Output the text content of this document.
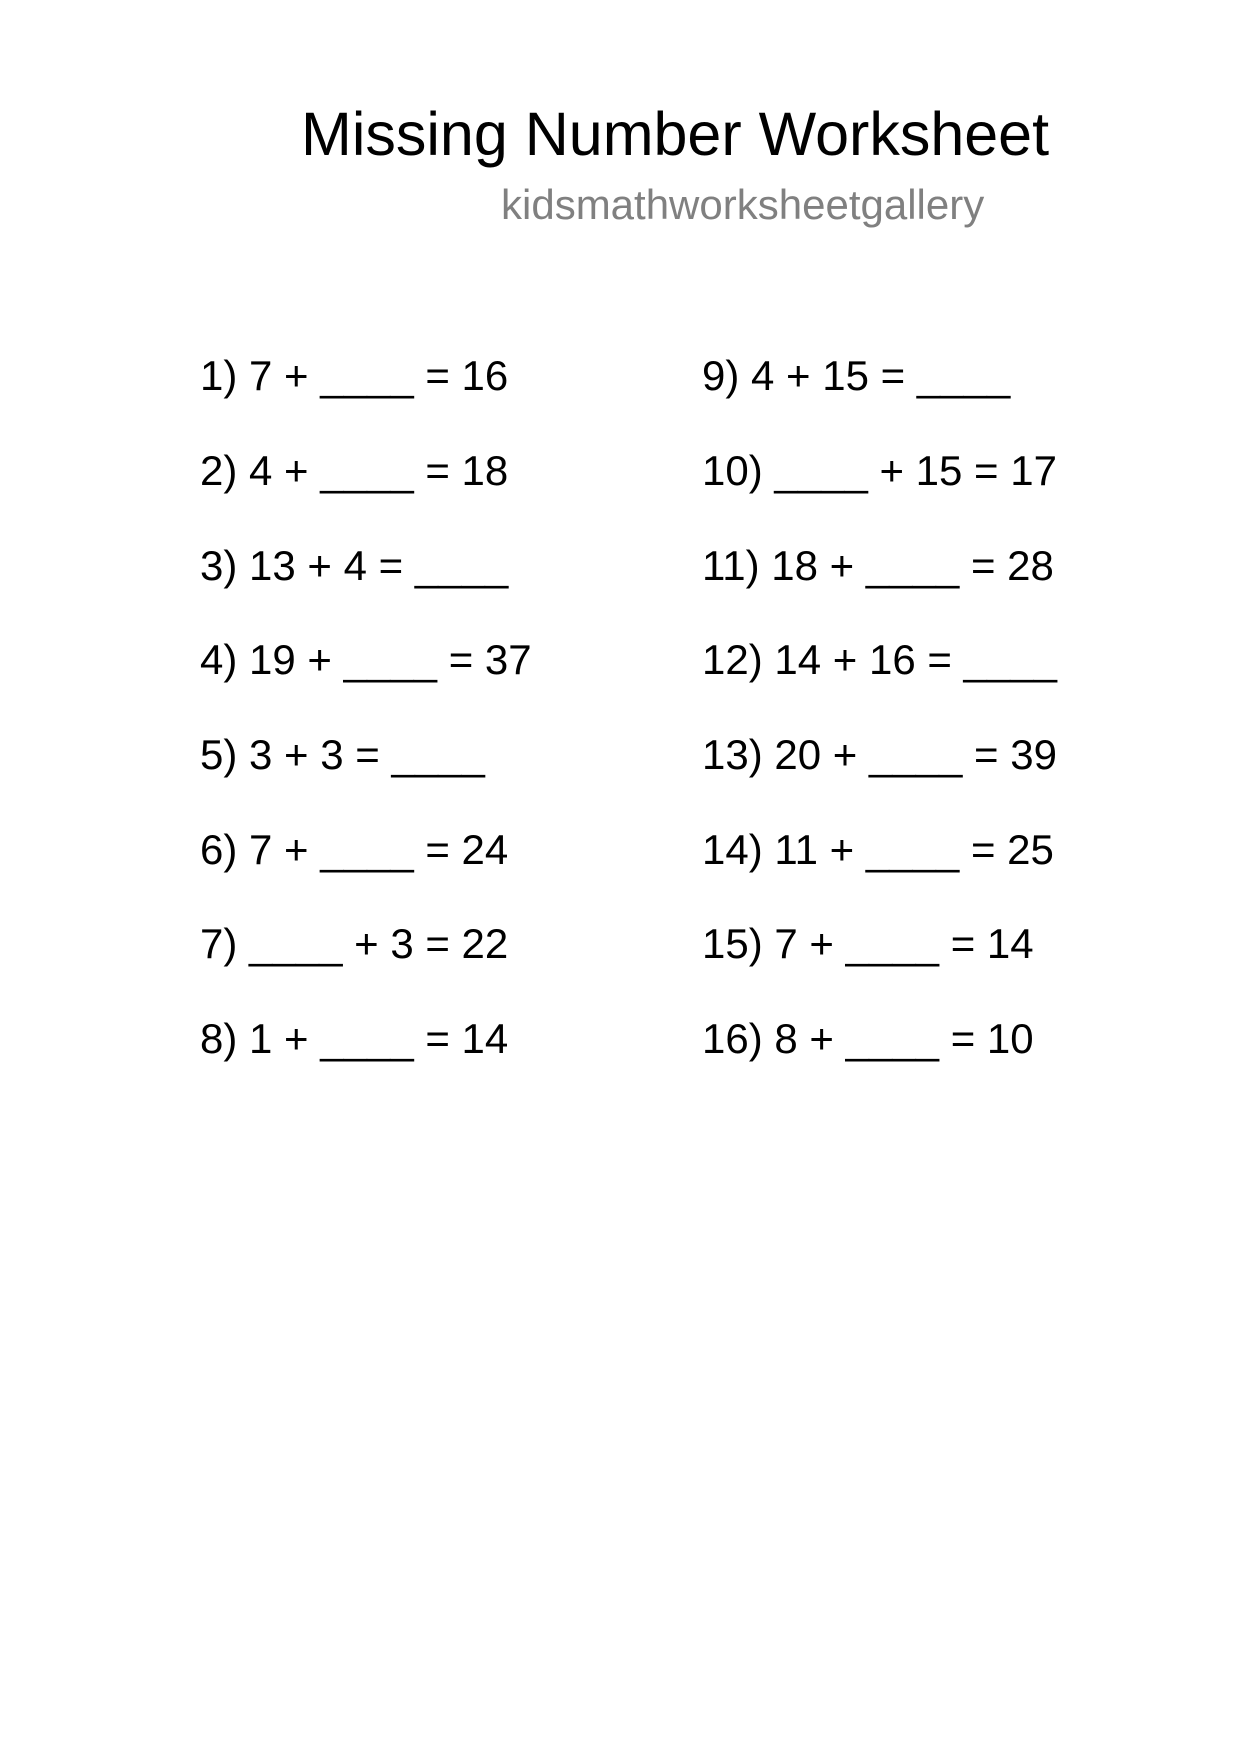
Missing Number Worksheet
kidsmathworksheetgallery
1) 7 + ____ = 16
2) 4 + ____ = 18
3) 13 + 4 = ____
4) 19 + ____ = 37
5) 3 + 3 = ____
6) 7 + ____ = 24
7) ____ + 3 = 22
8) 1 + ____ = 14
9) 4 + 15 = ____
10) ____ + 15 = 17
11) 18 + ____ = 28
12) 14 + 16 = ____
13) 20 + ____ = 39
14) 11 + ____ = 25
15) 7 + ____ = 14
16) 8 + ____ = 10
